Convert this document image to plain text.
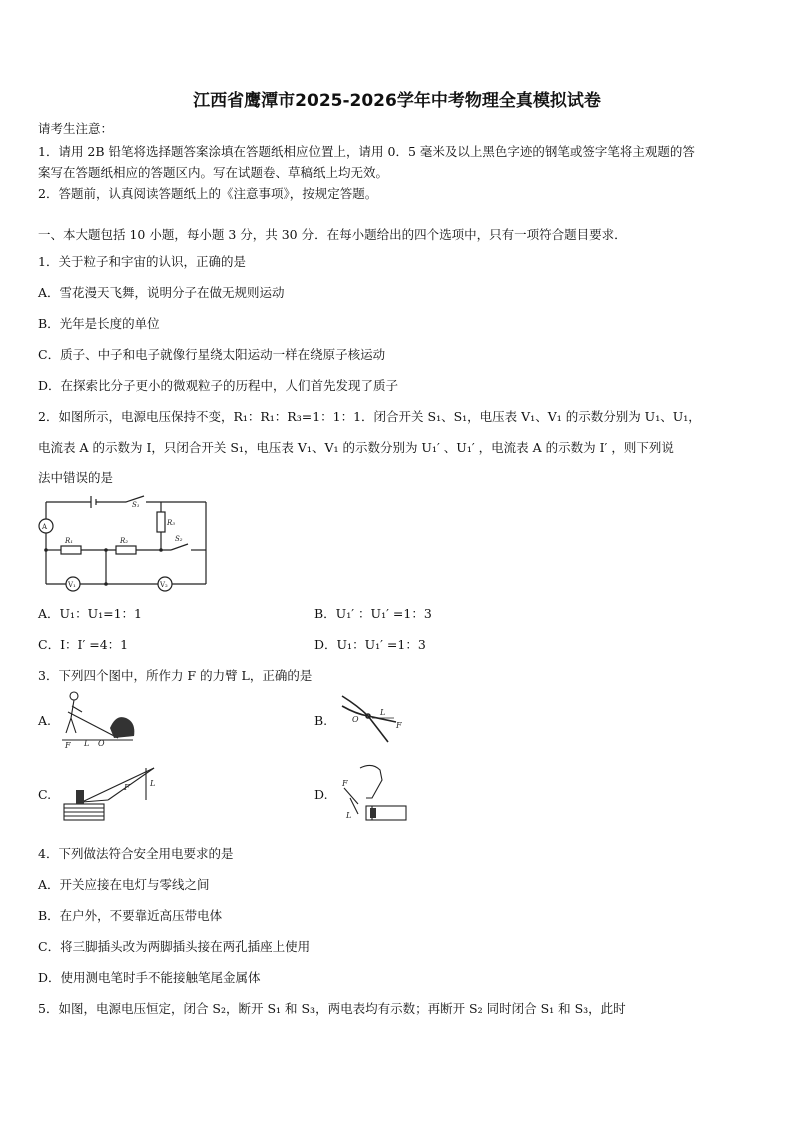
江西省鹰潭市2025-2026学年中考物理全真模拟试卷
请考生注意：
1．请用 2B 铅笔将选择题答案涂填在答题纸相应位置上，请用 0．5 毫米及以上黑色字迹的钢笔或签字笔将主观题的答
案写在答题纸相应的答题区内。写在试题卷、草稿纸上均无效。
2．答题前，认真阅读答题纸上的《注意事项》，按规定答题。
一、本大题包括 10 小题，每小题 3 分，共 30 分．在每小题给出的四个选项中，只有一项符合题目要求．
1．关于粒子和宇宙的认识，正确的是
A．雪花漫天飞舞，说明分子在做无规则运动
B．光年是长度的单位
C．质子、中子和电子就像行星绕太阳运动一样在绕原子核运动
D．在探索比分子更小的微观粒子的历程中，人们首先发现了质子
2．如图所示，电源电压保持不变，R₁：R₁：R₃=1：1：1．闭合开关 S₁、S₁，电压表 V₁、V₁ 的示数分别为 U₁、U₁，
电流表 A 的示数为 I，只闭合开关 S₁，电压表 V₁、V₁ 的示数分别为 U₁′ 、U₁′ ，电流表 A 的示数为 I′ ，则下列说
法中错误的是
A
S₁
S₂
R₁	R₂
R₃
V₁	V₂
A．U₁：U₁=1：1	B．U₁′ ：U₁′ =1：3
C．I：I′ =4：1	D．U₁：U₁′ =1：3
3．下列四个图中，所作力 F 的力臂 L，正确的是
A.
F L O
B.	O
L
F
C.	F	L
D.
F
L
4．下列做法符合安全用电要求的是
A．开关应接在电灯与零线之间
B．在户外，不要靠近高压带电体
C．将三脚插头改为两脚插头接在两孔插座上使用
D．使用测电笔时手不能接触笔尾金属体
5．如图，电源电压恒定，闭合 S₂，断开 S₁ 和 S₃，两电表均有示数；再断开 S₂ 同时闭合 S₁ 和 S₃，此时
